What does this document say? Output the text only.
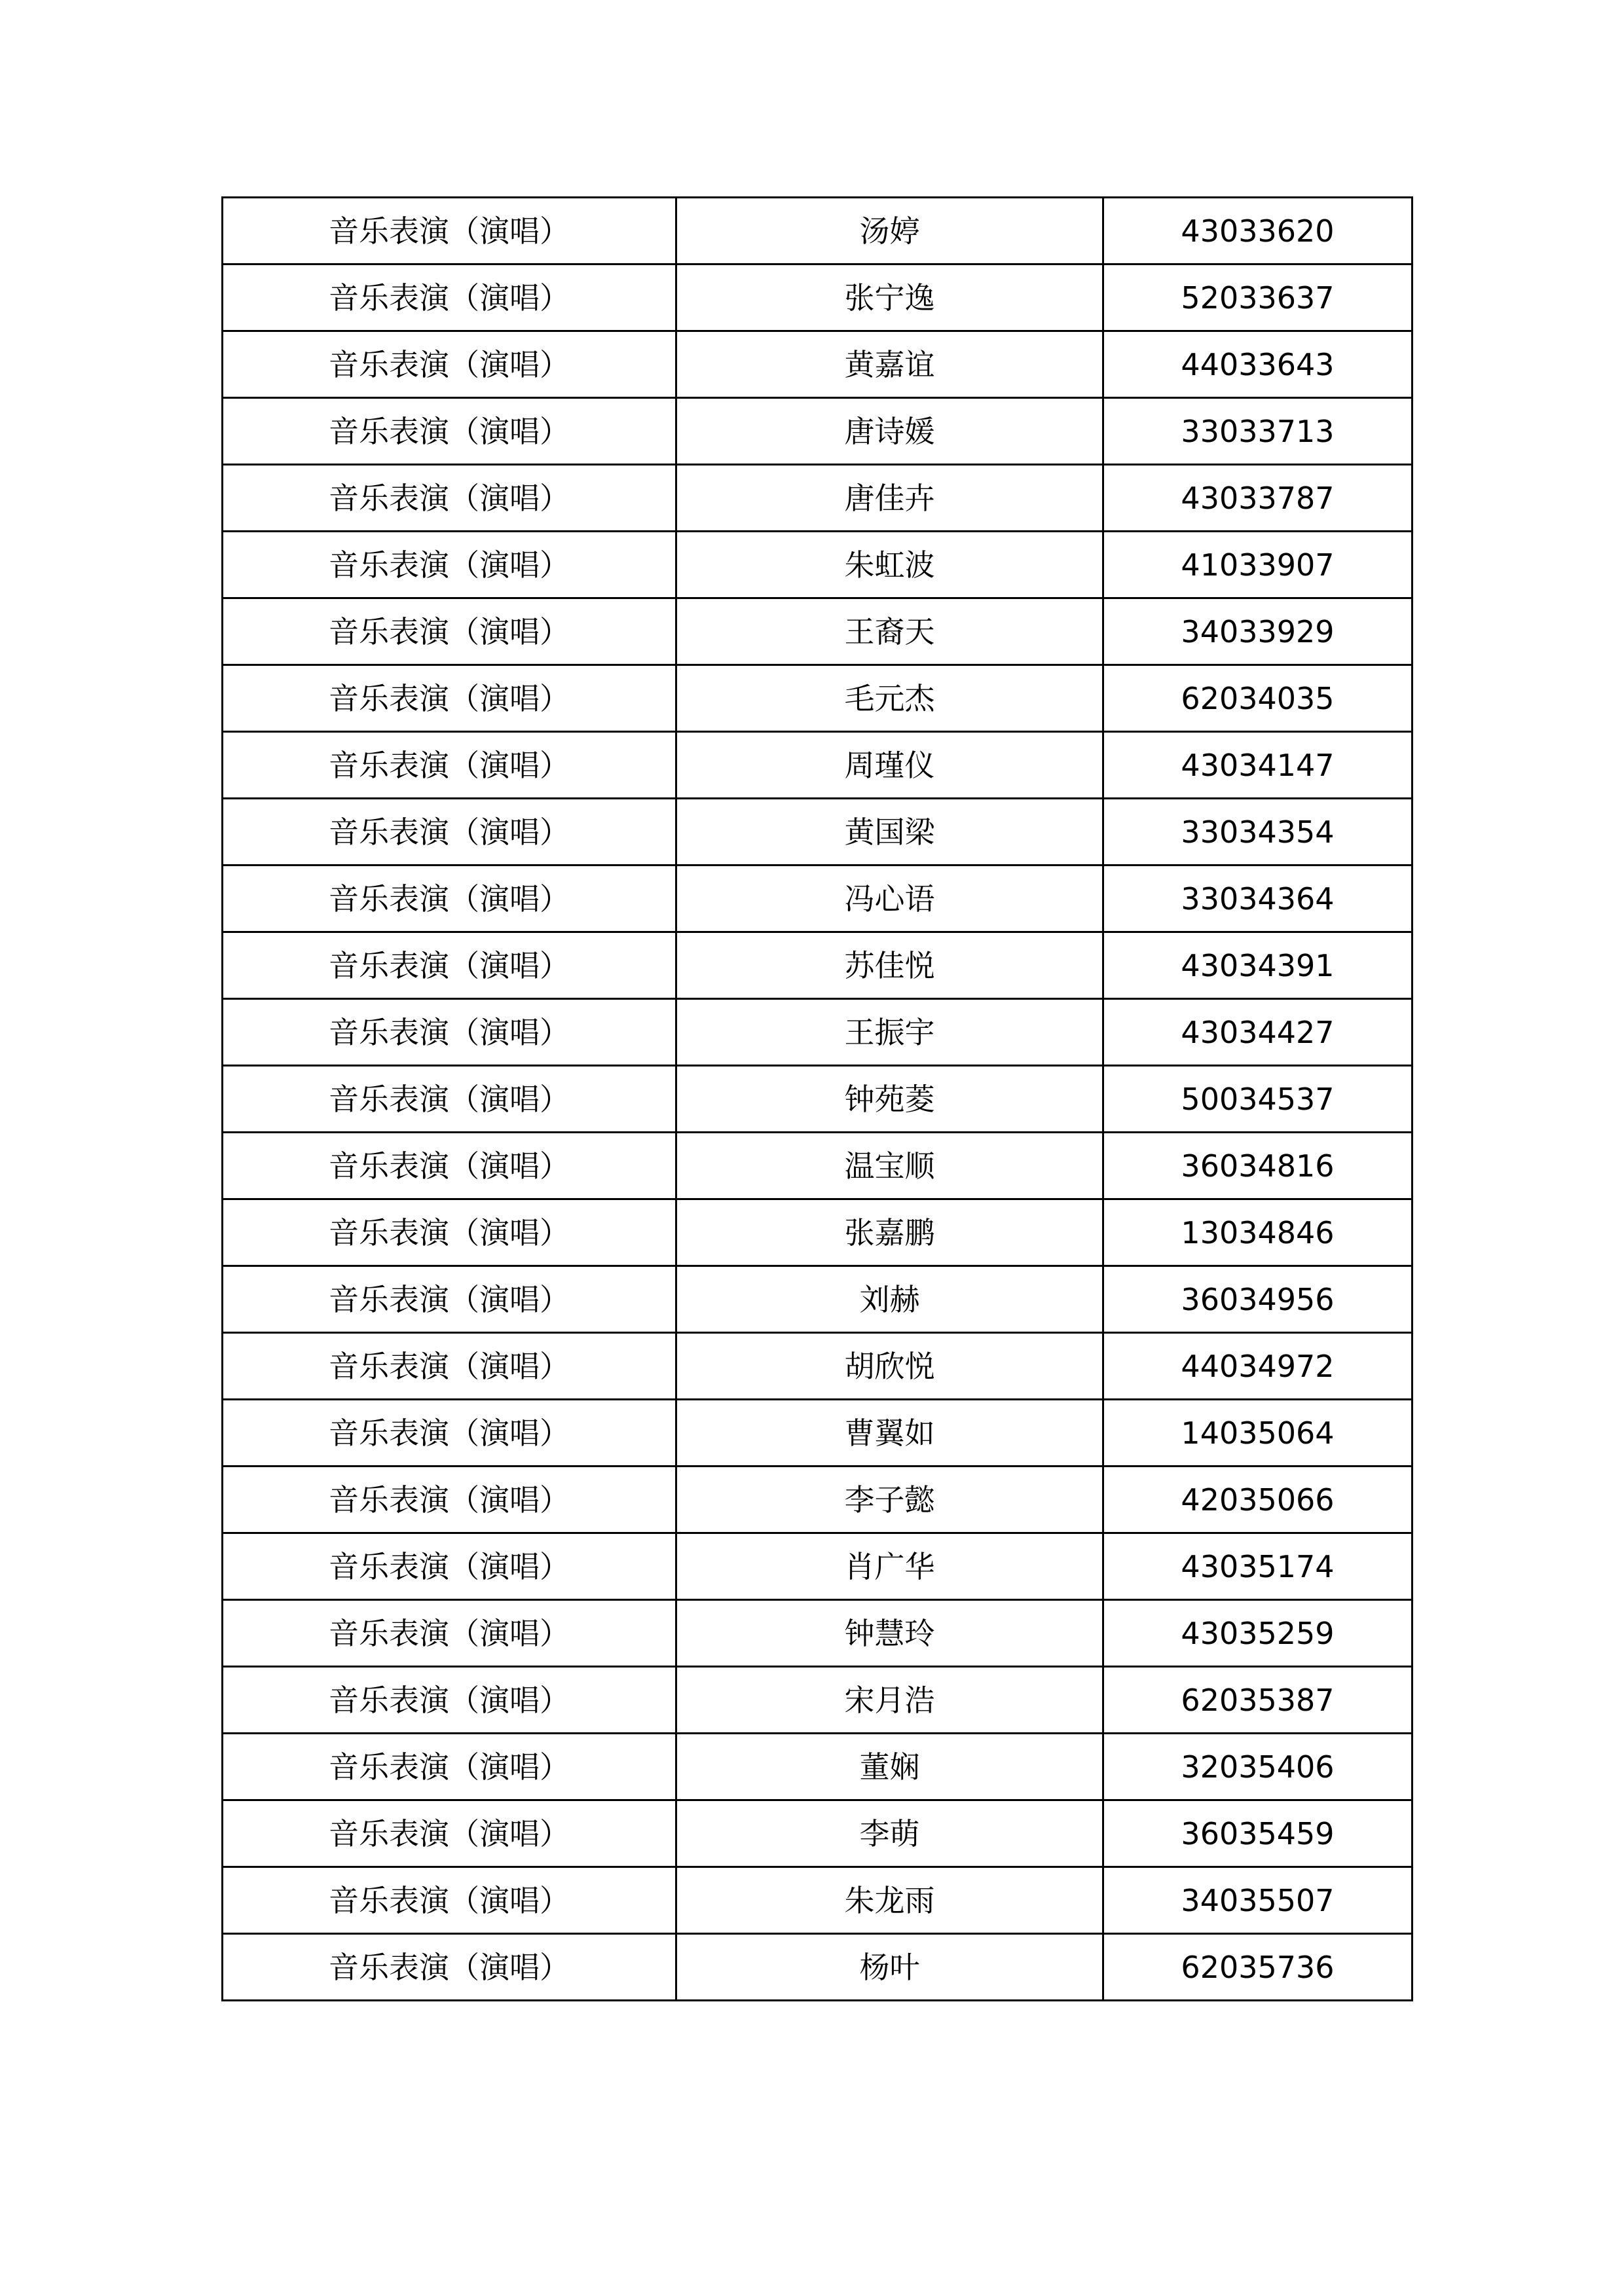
音乐表演（演唱）	汤婷	43033620
音乐表演（演唱）	张宁逸	52033637
音乐表演（演唱）	黄嘉谊	44033643
音乐表演（演唱）	唐诗媛	33033713
音乐表演（演唱）	唐佳卉	43033787
音乐表演（演唱）	朱虹波	41033907
音乐表演（演唱）	王裔天	34033929
音乐表演（演唱）	毛元杰	62034035
音乐表演（演唱）	周瑾仪	43034147
音乐表演（演唱）	黄国梁	33034354
音乐表演（演唱）	冯心语	33034364
音乐表演（演唱）	苏佳悦	43034391
音乐表演（演唱）	王振宇	43034427
音乐表演（演唱）	钟苑菱	50034537
音乐表演（演唱）	温宝顺	36034816
音乐表演（演唱）	张嘉鹏	13034846
音乐表演（演唱）	刘赫	36034956
音乐表演（演唱）	胡欣悦	44034972
音乐表演（演唱）	曹翼如	14035064
音乐表演（演唱）	李子懿	42035066
音乐表演（演唱）	肖广华	43035174
音乐表演（演唱）	钟慧玲	43035259
音乐表演（演唱）	宋月浩	62035387
音乐表演（演唱）	董娴	32035406
音乐表演（演唱）	李萌	36035459
音乐表演（演唱）	朱龙雨	34035507
音乐表演（演唱）	杨叶	62035736
